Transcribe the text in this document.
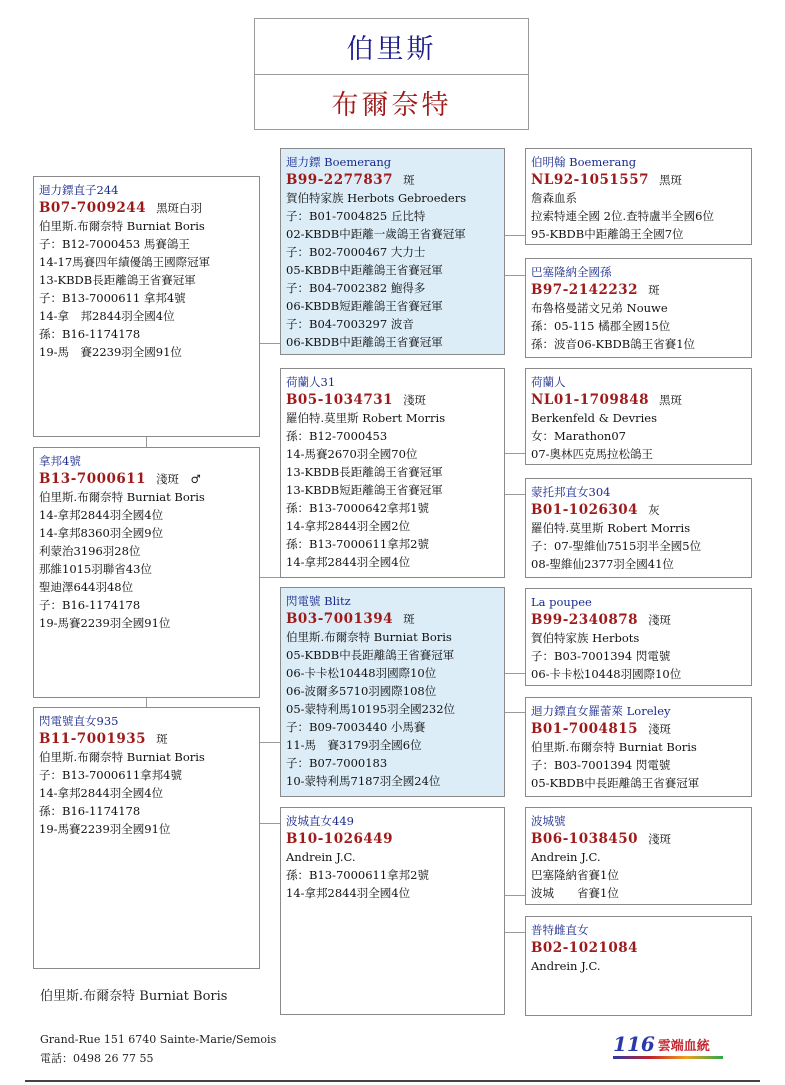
伯里斯
布爾奈特
迴力鏢直子244
B07-7009244 黑斑白羽
伯里斯.布爾奈特 Burniat Boris
子：B12-7000453 馬賽鴿王
14-17馬賽四年績優鴿王國際冠軍
13-KBDB長距離鴿王省賽冠軍
子：B13-7000611 拿邦4號
14-拿　邦2844羽全國4位
孫：B16-1174178
19-馬　賽2239羽全國91位
拿邦4號
B13-7000611 淺斑　♂
伯里斯.布爾奈特 Burniat Boris
14-拿邦2844羽全國4位
14-拿邦8360羽全國9位
利蒙治3196羽28位
那維1015羽聯省43位
聖迪澤644羽48位
子：B16-1174178
19-馬賽2239羽全國91位
閃電號直女935
B11-7001935 斑
伯里斯.布爾奈特 Burniat Boris
子：B13-7000611拿邦4號
14-拿邦2844羽全國4位
孫：B16-1174178
19-馬賽2239羽全國91位
迴力鏢 Boemerang
B99-2277837 斑
賀伯特家族 Herbots Gebroeders
子：B01-7004825 丘比特
02-KBDB中距離一歲鴿王省賽冠軍
子：B02-7000467 大力士
05-KBDB中距離鴿王省賽冠軍
子：B04-7002382 鮑得多
06-KBDB短距離鴿王省賽冠軍
子：B04-7003297 波音
06-KBDB中距離鴿王省賽冠軍
荷蘭人31
B05-1034731 淺斑
羅伯特.莫里斯 Robert Morris
孫：B12-7000453
14-馬賽2670羽全國70位
13-KBDB長距離鴿王省賽冠軍
13-KBDB短距離鴿王省賽冠軍
孫：B13-7000642拿邦1號
14-拿邦2844羽全國2位
孫：B13-7000611拿邦2號
14-拿邦2844羽全國4位
閃電號 Blitz
B03-7001394 斑
伯里斯.布爾奈特 Burniat Boris
05-KBDB中長距離鴿王省賽冠軍
06-卡卡松10448羽國際10位
06-波爾多5710羽國際108位
05-蒙特利馬10195羽全國232位
子：B09-7003440 小馬賽
11-馬　賽3179羽全國6位
子：B07-7000183
10-蒙特利馬7187羽全國24位
波城直女449
B10-1026449
Andrein J.C.
孫：B13-7000611拿邦2號
14-拿邦2844羽全國4位
伯明翰 Boemerang
NL92-1051557 黑斑
詹森血系
拉索特連全國 2位.查特盧半全國6位
95-KBDB中距離鴿王全國7位
巴塞隆納全國孫
B97-2142232 斑
布魯格曼諾文兄弟 Nouwe
孫：05-115 橘郡全國15位
孫：波音06-KBDB鴿王省賽1位
荷蘭人
NL01-1709848 黑斑
Berkenfeld & Devries
女：Marathon07
07-奧林匹克馬拉松鴿王
蒙托邦直女304
B01-1026304 灰
羅伯特.莫里斯 Robert Morris
子：07-聖維仙7515羽半全國5位
08-聖維仙2377羽全國41位
La poupee
B99-2340878 淺斑
賀伯特家族 Herbots
子：B03-7001394 閃電號
06-卡卡松10448羽國際10位
迴力鏢直女羅蕾萊 Loreley
B01-7004815 淺斑
伯里斯.布爾奈特 Burniat Boris
子：B03-7001394 閃電號
05-KBDB中長距離鴿王省賽冠軍
波城號
B06-1038450 淺斑
Andrein J.C.
巴塞隆納省賽1位
波城　　省賽1位
普特雌直女
B02-1021084
Andrein J.C.
伯里斯.布爾奈特 Burniat Boris
Grand-Rue 151 6740 Sainte-Marie/Semois
電話：0498 26 77 55
116 雲端血統
